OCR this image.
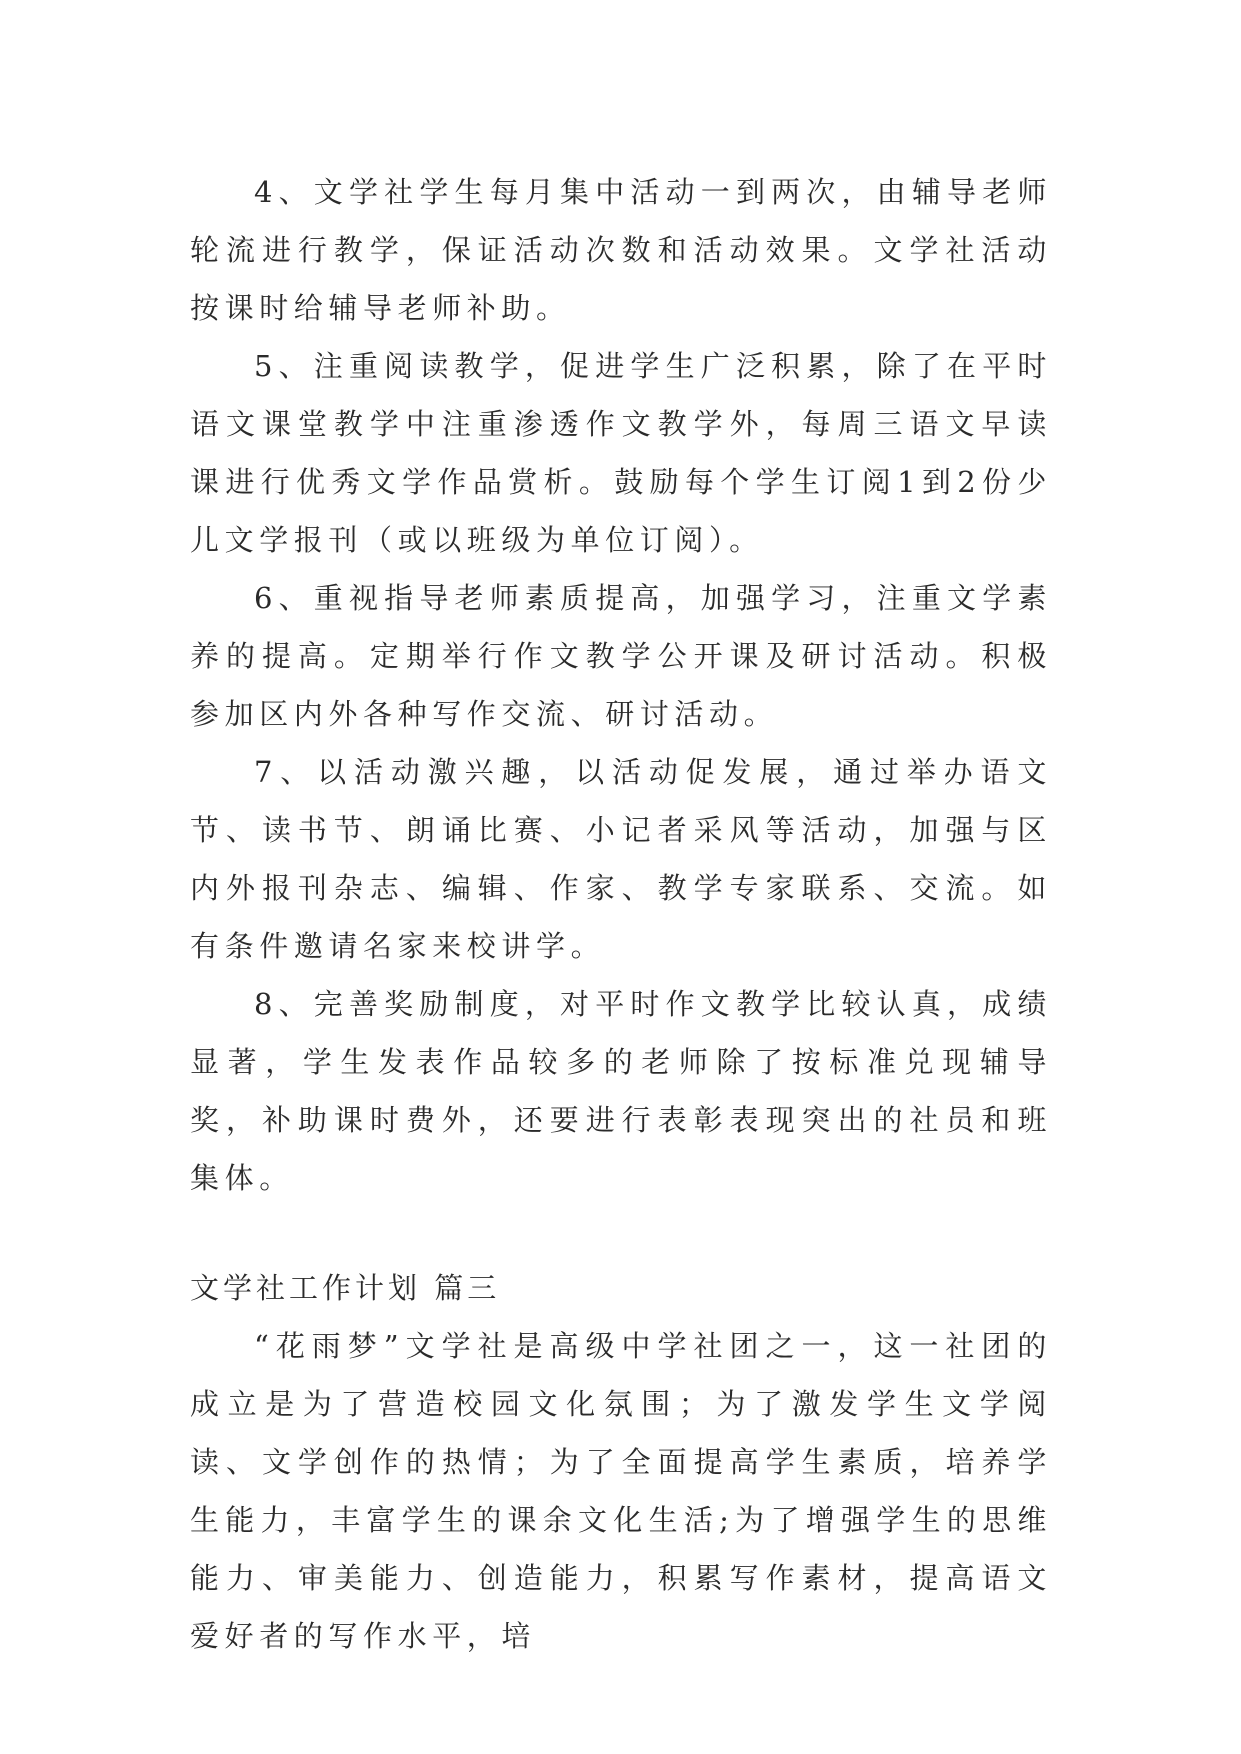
4、文学社学生每月集中活动一到两次，由辅导老师轮流进行教学，保证活动次数和活动效果。文学社活动按课时给辅导老师补助。

5、注重阅读教学，促进学生广泛积累，除了在平时语文课堂教学中注重渗透作文教学外，每周三语文早读课进行优秀文学作品赏析。鼓励每个学生订阅1到2份少儿文学报刊（或以班级为单位订阅）。

6、重视指导老师素质提高，加强学习，注重文学素养的提高。定期举行作文教学公开课及研讨活动。积极参加区内外各种写作交流、研讨活动。

7、以活动激兴趣，以活动促发展，通过举办语文节、读书节、朗诵比赛、小记者采风等活动，加强与区内外报刊杂志、编辑、作家、教学专家联系、交流。如有条件邀请名家来校讲学。

8、完善奖励制度，对平时作文教学比较认真，成绩显著，学生发表作品较多的老师除了按标准兑现辅导奖，补助课时费外，还要进行表彰表现突出的社员和班集体。

文学社工作计划 篇三

“花雨梦”文学社是高级中学社团之一，这一社团的成立是为了营造校园文化氛围；为了激发学生文学阅读、文学创作的热情；为了全面提高学生素质，培养学生能力，丰富学生的课余文化生活;为了增强学生的思维能力、审美能力、创造能力，积累写作素材，提高语文爱好者的写作水平，培
